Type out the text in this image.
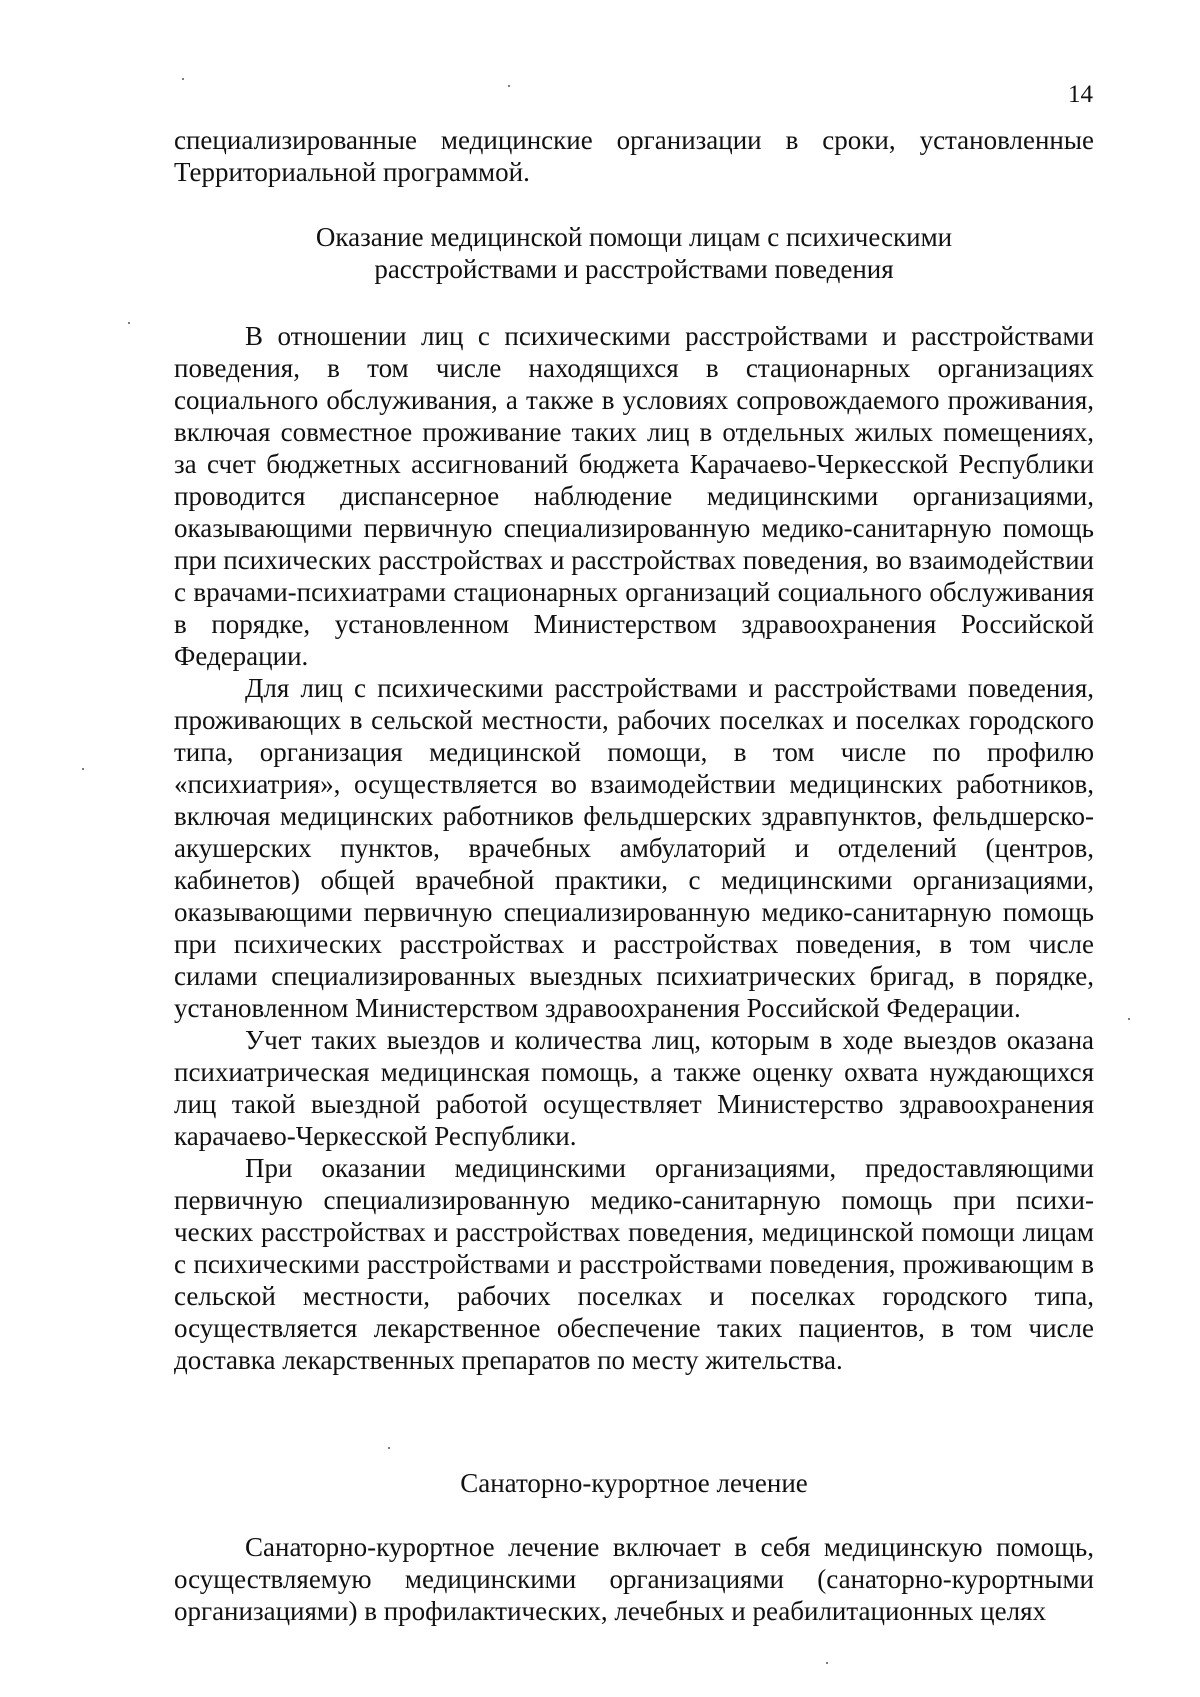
14

специализированные медицинские организации в сроки, установленные Территориальной программой.

Оказание медицинской помощи лицам с психическими расстройствами и расстройствами поведения

В отношении лиц с психическими расстройствами и расстройствами поведения, в том числе находящихся в стационарных организациях социального обслуживания, а также в условиях сопровождаемого проживания, включая совместное проживание таких лиц в отдельных жилых помещениях, за счет бюджетных ассигнований бюджета Карачаево-Черкесской Республики проводится диспансерное наблюдение медицинскими организациями, оказывающими первичную специализированную медико-санитарную помощь при психических расстройствах и расстройствах поведения, во взаимодействии с врачами-психиатрами стационарных организаций социального обслуживания в порядке, установленном Министерством здравоохранения Российской Федерации.

Для лиц с психическими расстройствами и расстройствами поведения, проживающих в сельской местности, рабочих поселках и поселках городского типа, организация медицинской помощи, в том числе по профилю «психиатрия», осуществляется во взаимодействии медицинских работников, включая медицинских работников фельдшерских здравпунктов, фельдшерско-акушерских пунктов, врачебных амбулаторий и отделений (центров, кабинетов) общей врачебной практики, с медицинскими организациями, оказывающими первичную специализированную медико-санитарную помощь при психических расстройствах и расстройствах поведения, в том числе силами специализированных выездных психиатрических бригад, в порядке, установленном Министерством здравоохранения Российской Федерации.

Учет таких выездов и количества лиц, которым в ходе выездов оказана психиатрическая медицинская помощь, а также оценку охвата нуждающихся лиц такой выездной работой осуществляет Министерство здравоохранения карачаево-Черкесской Республики.

При оказании медицинскими организациями, предоставляющими первичную специализированную медико-санитарную помощь при психических расстройствах и расстройствах поведения, медицинской помощи лицам с психическими расстройствами и расстройствами поведения, проживающим в сельской местности, рабочих поселках и поселках городского типа, осуществляется лекарственное обеспечение таких пациентов, в том числе доставка лекарственных препаратов по месту жительства.

Санаторно-курортное лечение

Санаторно-курортное лечение включает в себя медицинскую помощь, осуществляемую медицинскими организациями (санаторно-курортными организациями) в профилактических, лечебных и реабилитационных целях
